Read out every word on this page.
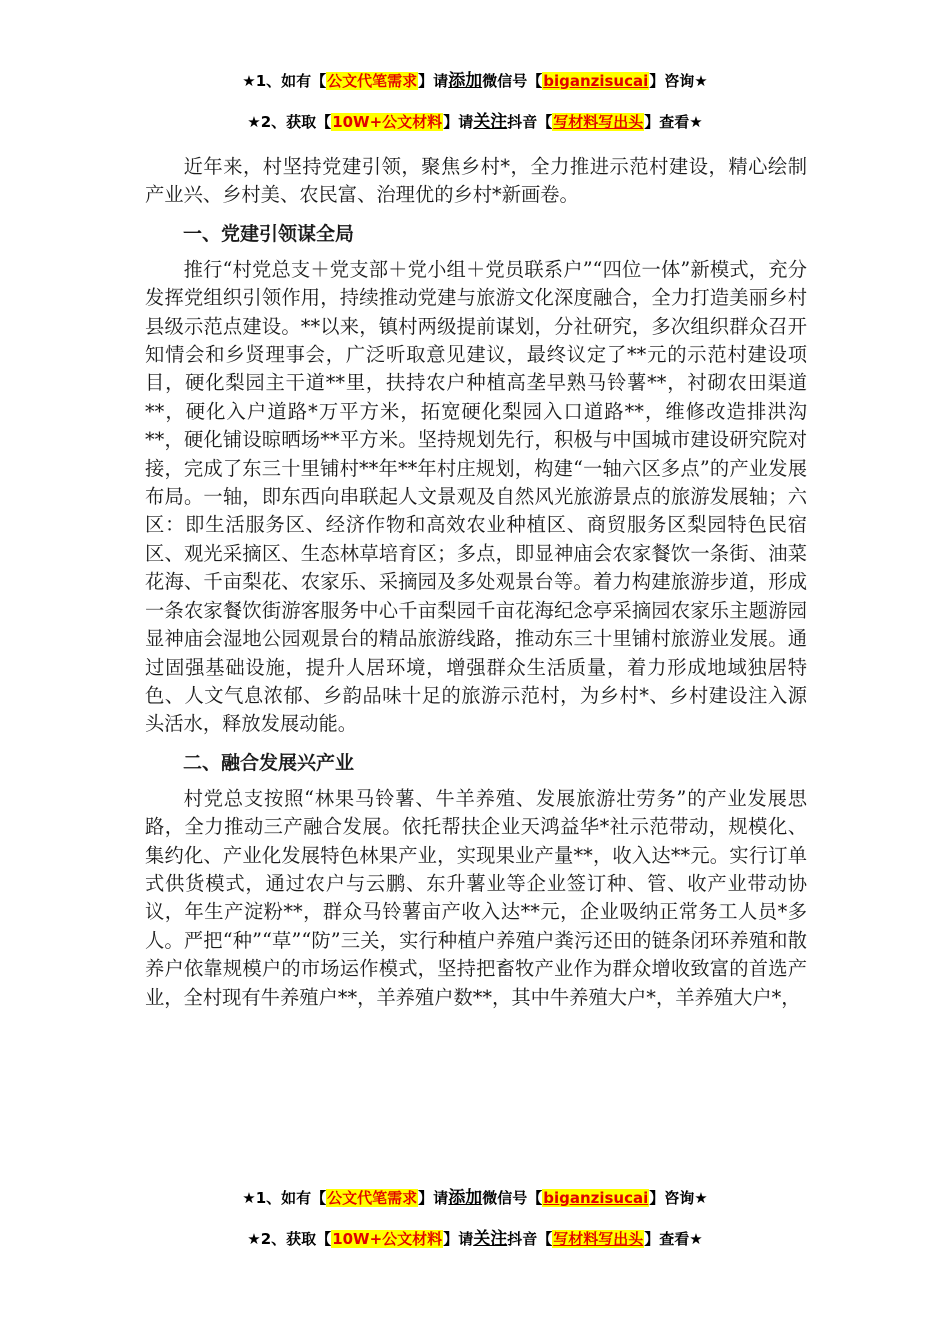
★1、如有【公文代笔需求】请添加微信号【biganzisucai】咨询★
★2、获取【10W+公文材料】请关注抖音【写材料写出头】查看★

近年来，村坚持党建引领，聚焦乡村*，全力推进示范村建设，精心绘制产业兴、乡村美、农民富、治理优的乡村*新画卷。

一、党建引领谋全局

推行“村党总支＋党支部＋党小组＋党员联系户”“四位一体”新模式，充分发挥党组织引领作用，持续推动党建与旅游文化深度融合，全力打造美丽乡村县级示范点建设。**以来，镇村两级提前谋划，分社研究，多次组织群众召开知情会和乡贤理事会，广泛听取意见建议，最终议定了**元的示范村建设项目，硬化梨园主干道**里，扶持农户种植高垄早熟马铃薯**，衬砌农田渠道**，硬化入户道路*万平方米，拓宽硬化梨园入口道路**，维修改造排洪沟**，硬化铺设晾晒场**平方米。坚持规划先行，积极与中国城市建设研究院对接，完成了东三十里铺村**年**年村庄规划，构建“一轴六区多点”的产业发展布局。一轴，即东西向串联起人文景观及自然风光旅游景点的旅游发展轴；六区：即生活服务区、经济作物和高效农业种植区、商贸服务区梨园特色民宿区、观光采摘区、生态林草培育区；多点，即显神庙会农家餐饮一条街、油菜花海、千亩梨花、农家乐、采摘园及多处观景台等。着力构建旅游步道，形成一条农家餐饮街游客服务中心千亩梨园千亩花海纪念亭采摘园农家乐主题游园显神庙会湿地公园观景台的精品旅游线路，推动东三十里铺村旅游业发展。通过固强基础设施，提升人居环境，增强群众生活质量，着力形成地域独居特色、人文气息浓郁、乡韵品味十足的旅游示范村，为乡村*、乡村建设注入源头活水，释放发展动能。

二、融合发展兴产业

村党总支按照“林果马铃薯、牛羊养殖、发展旅游壮劳务”的产业发展思路，全力推动三产融合发展。依托帮扶企业天鸿益华*社示范带动，规模化、集约化、产业化发展特色林果产业，实现果业产量**，收入达**元。实行订单式供货模式，通过农户与云鹏、东升薯业等企业签订种、管、收产业带动协议，年生产淀粉**，群众马铃薯亩产收入达**元，企业吸纳正常务工人员*多人。严把“种”“草”“防”三关，实行种植户养殖户粪污还田的链条闭环养殖和散养户依靠规模户的市场运作模式，坚持把畜牧产业作为群众增收致富的首选产业，全村现有牛养殖户**，羊养殖户数**，其中牛养殖大户*，羊养殖大户*，

★1、如有【公文代笔需求】请添加微信号【biganzisucai】咨询★
★2、获取【10W+公文材料】请关注抖音【写材料写出头】查看★
